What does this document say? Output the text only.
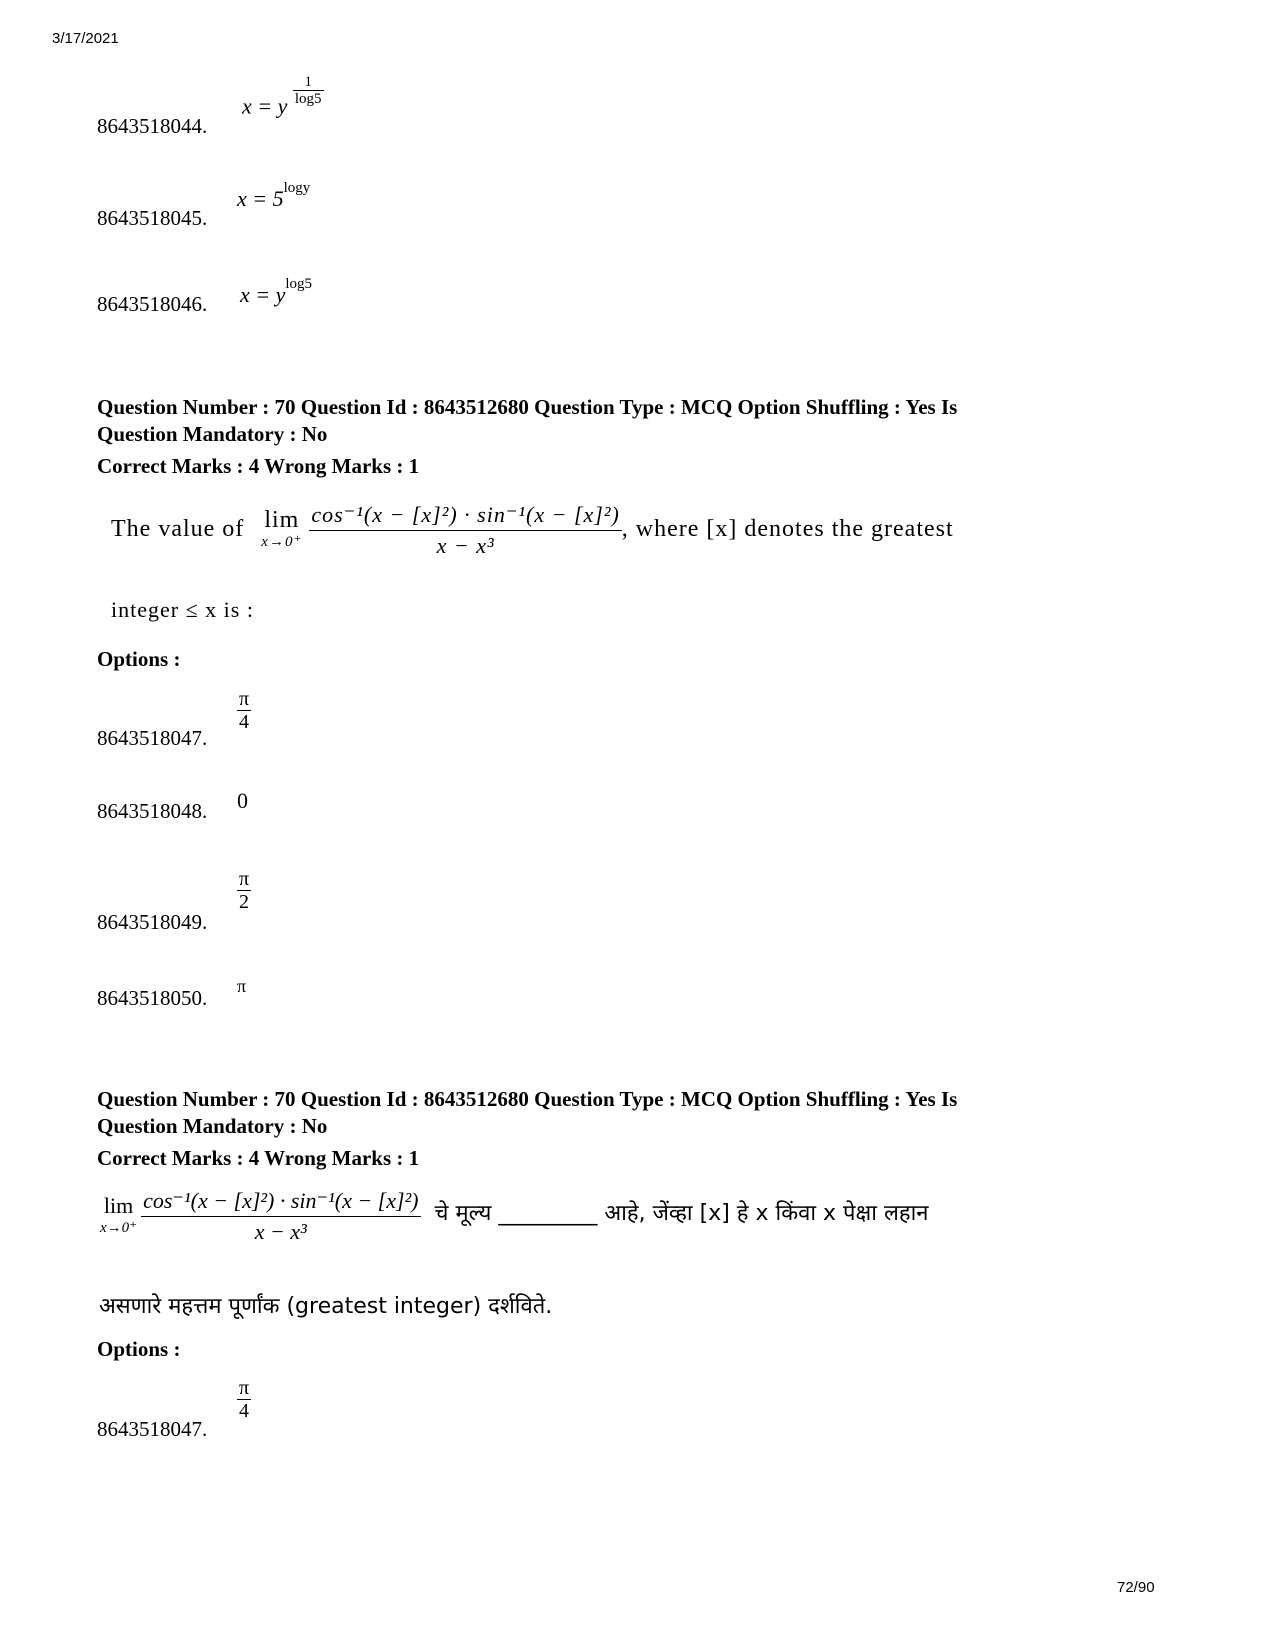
3/17/2021
72/90
8643518044.
x = y $\frac{1}{\log 5}$
8643518045.
$x = 5^{logy}$
8643518046. $x = y^{log5}$
Question Number : 70 Question Id : 8643512680 Question Type : MCQ Option Shuffling : Yes Is
Question Mandatory : No
Correct Marks : 4 Wrong Marks : 1
The value of lim
x→0⁺
$\frac{\text{cos⁻¹(x − [x]²) · sin⁻¹(x − [x]²)}}{\text{x − x³}}$ , where [x] denotes the greatest
integer ≤ x is :
Options :
8643518047.
$\frac{\pi}{4}$
8643518048. 0
8643518049.
$\frac{\pi}{2}$
8643518050. π
Question Number : 70 Question Id : 8643512680 Question Type : MCQ Option Shuffling : Yes Is
Question Mandatory : No
Correct Marks : 4 Wrong Marks : 1
lim
x→0⁺
$\frac{\text{cos⁻¹(x − [x]²) · sin⁻¹(x − [x]²)}}{\text{x − x³}}$ चे मूल्य _________ आहे, जेंव्हा [x] हे x किंवा x पेक्षा लहान
असणारे महत्तम पूर्णांक (greatest integer) दर्शविते.
Options :
8643518047.
$\frac{\pi}{4}$
